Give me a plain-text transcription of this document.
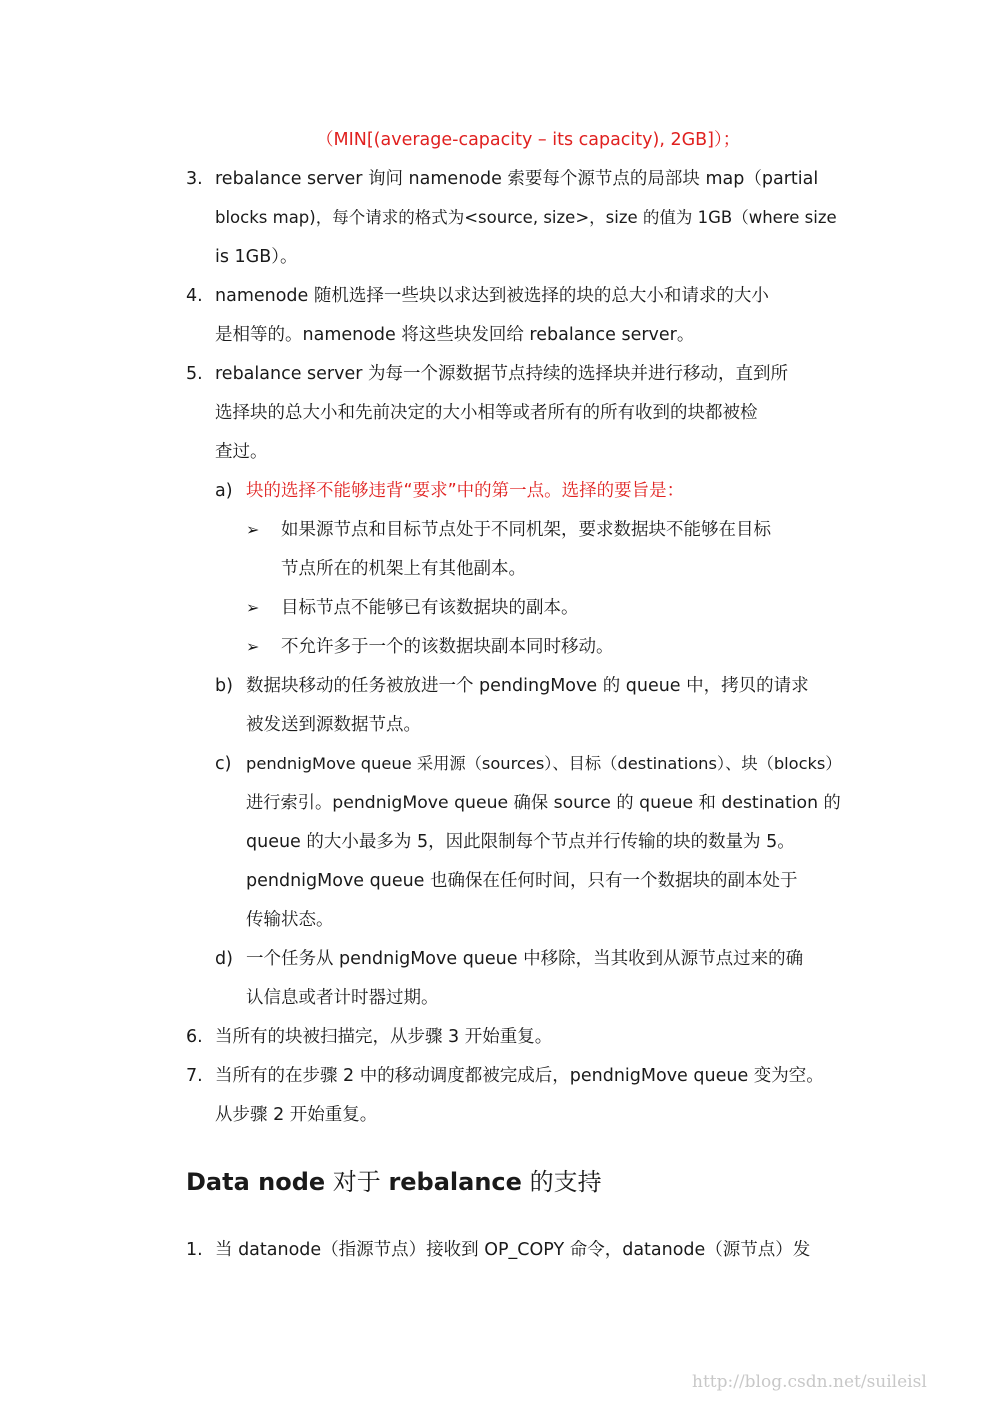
（MIN[(average-capacity – its capacity), 2GB]）；
3. rebalance server 询问 namenode 索要每个源节点的局部块 map（partial
blocks map)，每个请求的格式为<source, size>，size 的值为 1GB（where size
is 1GB）。
4. namenode 随机选择一些块以求达到被选择的块的总大小和请求的大小
是相等的。namenode 将这些块发回给 rebalance server。
5. rebalance server 为每一个源数据节点持续的选择块并进行移动，直到所
选择块的总大小和先前决定的大小相等或者所有的所有收到的块都被检
查过。
a) 块的选择不能够违背“要求”中的第一点。选择的要旨是：
➢ 如果源节点和目标节点处于不同机架，要求数据块不能够在目标
节点所在的机架上有其他副本。
➢ 目标节点不能够已有该数据块的副本。
➢ 不允许多于一个的该数据块副本同时移动。
b) 数据块移动的任务被放进一个 pendingMove 的 queue 中，拷贝的请求
被发送到源数据节点。
c) pendnigMove queue 采用源（sources）、目标（destinations）、块（blocks）
进行索引。pendnigMove queue 确保 source 的 queue 和 destination 的
queue 的大小最多为 5，因此限制每个节点并行传输的块的数量为 5。
pendnigMove queue 也确保在任何时间，只有一个数据块的副本处于
传输状态。
d) 一个任务从 pendnigMove queue 中移除，当其收到从源节点过来的确
认信息或者计时器过期。
6. 当所有的块被扫描完，从步骤 3 开始重复。
7. 当所有的在步骤 2 中的移动调度都被完成后，pendnigMove queue 变为空。
从步骤 2 开始重复。
Data node 对于 rebalance 的支持
1. 当 datanode（指源节点）接收到 OP_COPY 命令，datanode（源节点）发
http://blog.csdn.net/suileisl
